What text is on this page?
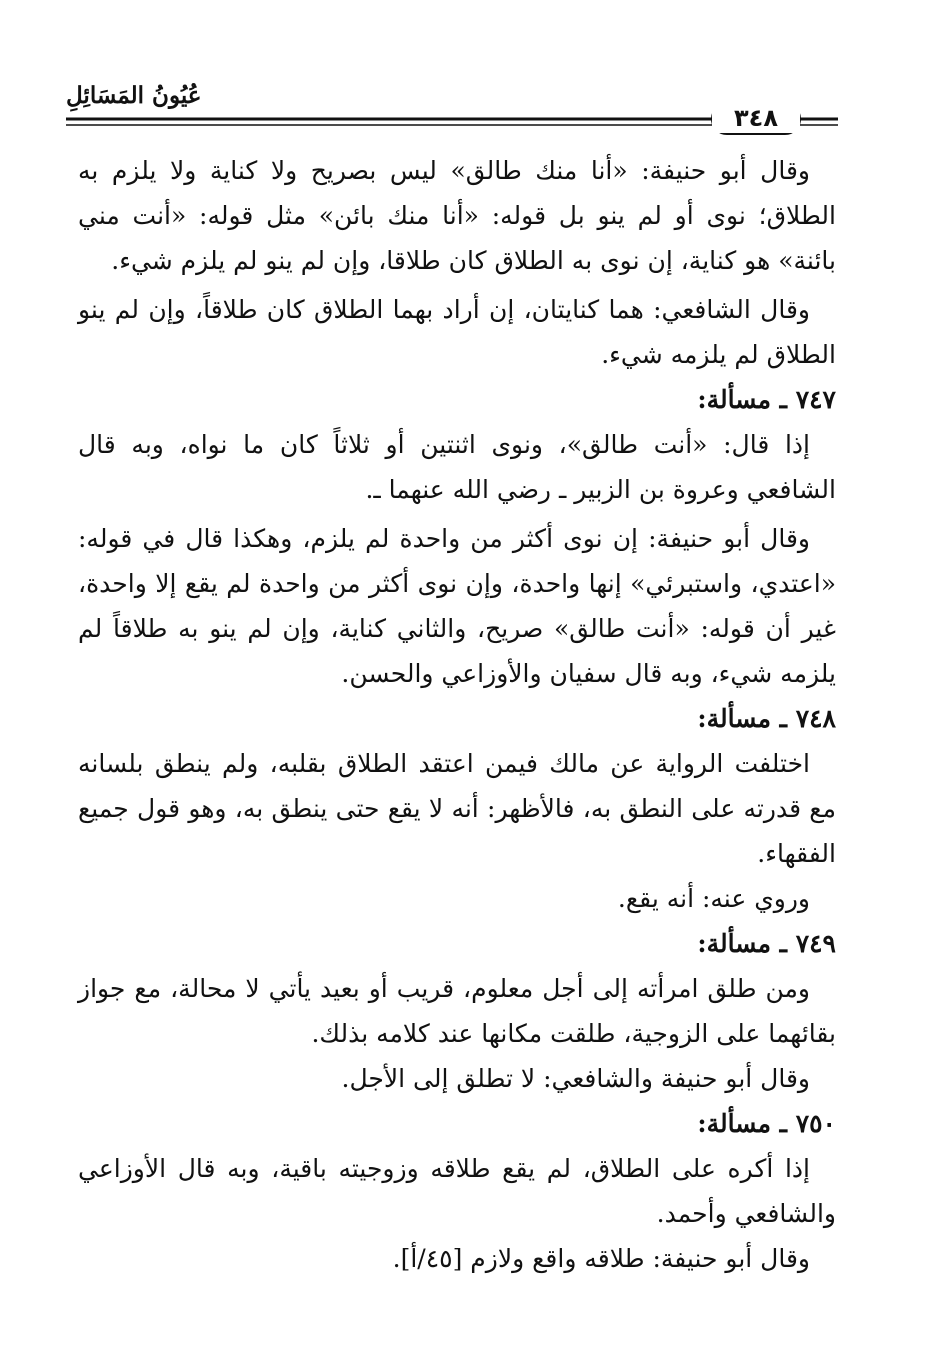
عُيُونُ المَسَائِلِ
٣٤٨

وقال أبو حنيفة: «أنا منك طالق» ليس بصريح ولا كناية ولا يلزم به الطلاق؛ نوى أو لم ينو بل قوله: «أنا منك بائن» مثل قوله: «أنت مني بائنة» هو كناية، إن نوى به الطلاق كان طلاقا، وإن لم ينو لم يلزم شيء.

وقال الشافعي: هما كنايتان، إن أراد بهما الطلاق كان طلاقاً، وإن لم ينو الطلاق لم يلزمه شيء.

٧٤٧ ـ مسألة:

إذا قال: «أنت طالق»، ونوى اثنتين أو ثلاثاً كان ما نواه، وبه قال الشافعي وعروة بن الزبير ـ رضي الله عنهما ـ.

وقال أبو حنيفة: إن نوى أكثر من واحدة لم يلزم، وهكذا قال في قوله: «اعتدي، واستبرئي» إنها واحدة، وإن نوى أكثر من واحدة لم يقع إلا واحدة، غير أن قوله: «أنت طالق» صريح، والثاني كناية، وإن لم ينو به طلاقاً لم يلزمه شيء، وبه قال سفيان والأوزاعي والحسن.

٧٤٨ ـ مسألة:

اختلفت الرواية عن مالك فيمن اعتقد الطلاق بقلبه، ولم ينطق بلسانه مع قدرته على النطق به، فالأظهر: أنه لا يقع حتى ينطق به، وهو قول جميع الفقهاء.

وروي عنه: أنه يقع.

٧٤٩ ـ مسألة:

ومن طلق امرأته إلى أجل معلوم، قريب أو بعيد يأتي لا محالة، مع جواز بقائهما على الزوجية، طلقت مكانها عند كلامه بذلك.

وقال أبو حنيفة والشافعي: لا تطلق إلى الأجل.

٧٥٠ ـ مسألة:

إذا أكره على الطلاق، لم يقع طلاقه وزوجيته باقية، وبه قال الأوزاعي والشافعي وأحمد.

وقال أبو حنيفة: طلاقه واقع ولازم [٤٥/أ].
